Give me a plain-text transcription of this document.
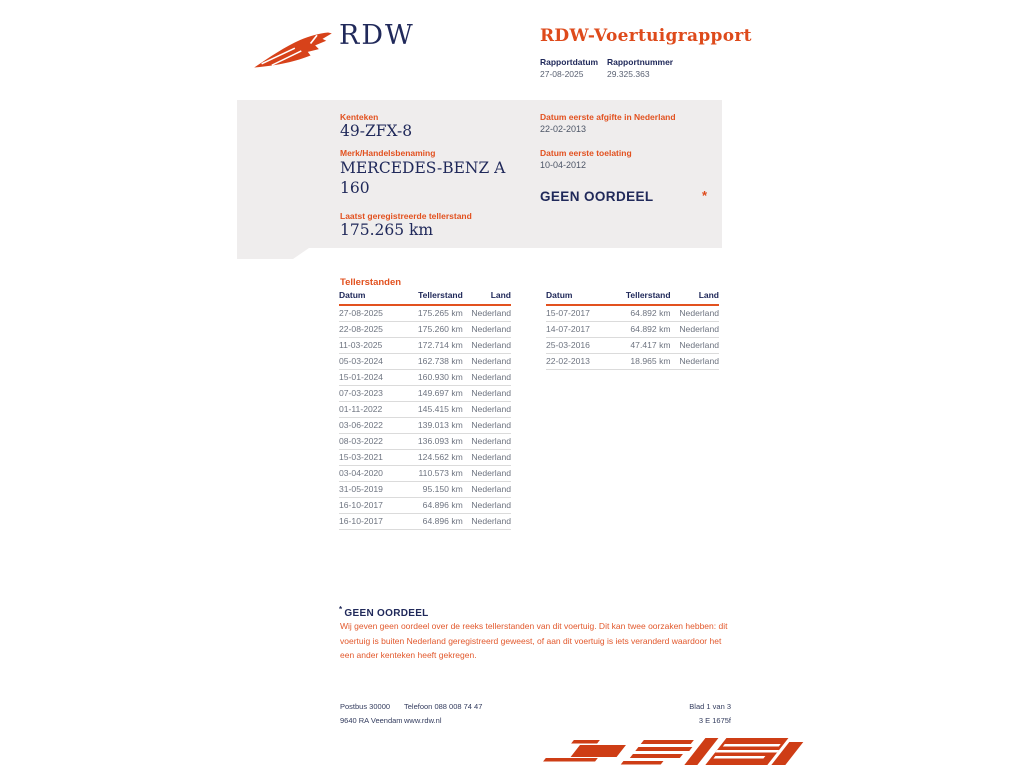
RDW	RDW-Voertuigrapport
Rapportdatum Rapportnummer
27-08-2025	29.325.363
Kenteken
49-ZFX-8
Merk/Handelsbenaming
MERCEDES-BENZ A 160
Laatst geregistreerde tellerstand
175.265 km
Datum eerste afgifte in Nederland
22-02-2013
Datum eerste toelating
10-04-2012
GEEN OORDEEL	*
Tellerstanden
Datum	Tellerstand	Land
27-08-2025	175.265 km	Nederland
22-08-2025	175.260 km	Nederland
11-03-2025	172.714 km	Nederland
05-03-2024	162.738 km	Nederland
15-01-2024	160.930 km	Nederland
07-03-2023	149.697 km	Nederland
01-11-2022	145.415 km	Nederland
03-06-2022	139.013 km	Nederland
08-03-2022	136.093 km	Nederland
15-03-2021	124.562 km	Nederland
03-04-2020	110.573 km	Nederland
31-05-2019	95.150 km	Nederland
16-10-2017	64.896 km	Nederland
16-10-2017	64.896 km	Nederland
Datum	Tellerstand	Land
15-07-2017	64.892 km	Nederland
14-07-2017	64.892 km	Nederland
25-03-2016	47.417 km	Nederland
22-02-2013	18.965 km	Nederland
* GEEN OORDEEL
Wij geven geen oordeel over de reeks tellerstanden van dit voertuig. Dit kan twee oorzaken hebben: dit voertuig is buiten Nederland geregistreerd geweest, of aan dit voertuig is iets veranderd waardoor het een ander kenteken heeft gekregen.
Postbus 30000
9640 RA Veendam
Telefoon 088 008 74 47
www.rdw.nl
Blad 1 van 3
3 E 1675f
